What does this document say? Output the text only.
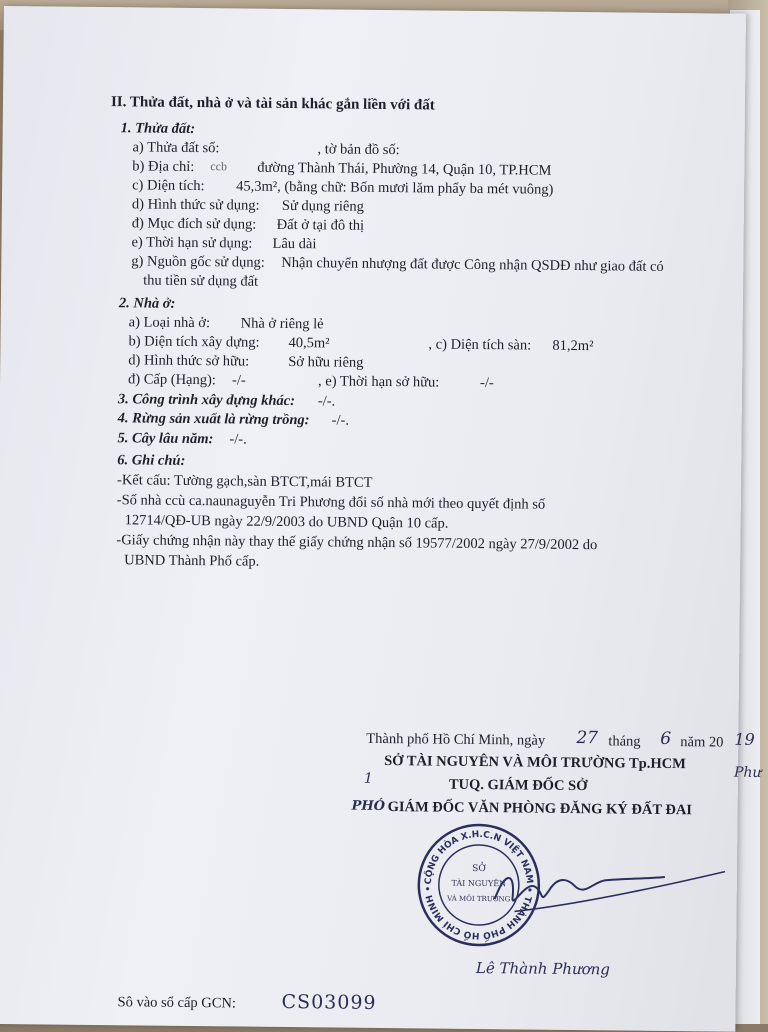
II. Thửa đất, nhà ở và tài sản khác gắn liền với đất
1. Thửa đất:
a) Thửa đất số:	, tờ bản đồ số:
b) Địa chỉ: ccb đường Thành Thái, Phường 14, Quận 10, TP.HCM
c) Diện tích: 45,3m², (bằng chữ: Bốn mươi lăm phẩy ba mét vuông)
d) Hình thức sử dụng: Sử dụng riêng
đ) Mục đích sử dụng: Đất ở tại đô thị
e) Thời hạn sử dụng: Lâu dài
g) Nguồn gốc sử dụng: Nhận chuyển nhượng đất được Công nhận QSDĐ như giao đất có
thu tiền sử dụng đất
2. Nhà ở:
a) Loại nhà ở: Nhà ở riêng lẻ
b) Diện tích xây dựng: 40,5m²	, c) Diện tích sàn: 81,2m²
d) Hình thức sở hữu:	Sở hữu riêng
đ) Cấp (Hạng): -/-	, e) Thời hạn sở hữu:	-/-
3. Công trình xây dựng khác: -/-.
4. Rừng sản xuất là rừng trồng: -/-.
5. Cây lâu năm: -/-.
6. Ghi chú:
-Kết cấu: Tường gạch,sàn BTCT,mái BTCT
-Số nhà ccù ca.naunaguyễn Tri Phương đổi số nhà mới theo quyết định số
12714/QĐ-UB ngày 22/9/2003 do UBND Quận 10 cấp.
-Giấy chứng nhận này thay thế giấy chứng nhận số 19577/2002 ngày 27/9/2002 do
UBND Thành Phố cấp.
Thành phố Hồ Chí Minh, ngày 27 tháng 6 năm 20 19
SỞ TÀI NGUYÊN VÀ MÔI TRƯỜNG Tp.HCM
TUQ. GIÁM ĐỐC SỞ
1
PHÓ GIÁM ĐỐC VĂN PHÒNG ĐĂNG KÝ ĐẤT ĐAI
CỘNG HÒA X.H.C.N VIỆT NAM • THÀNH PHỐ HỒ CHÍ MINH •
SỞ
TÀI NGUYÊN
VÀ MÔI TRƯỜNG
Lê Thành Phương
Phư
Sô vào sổ cấp GCN: CS03099
